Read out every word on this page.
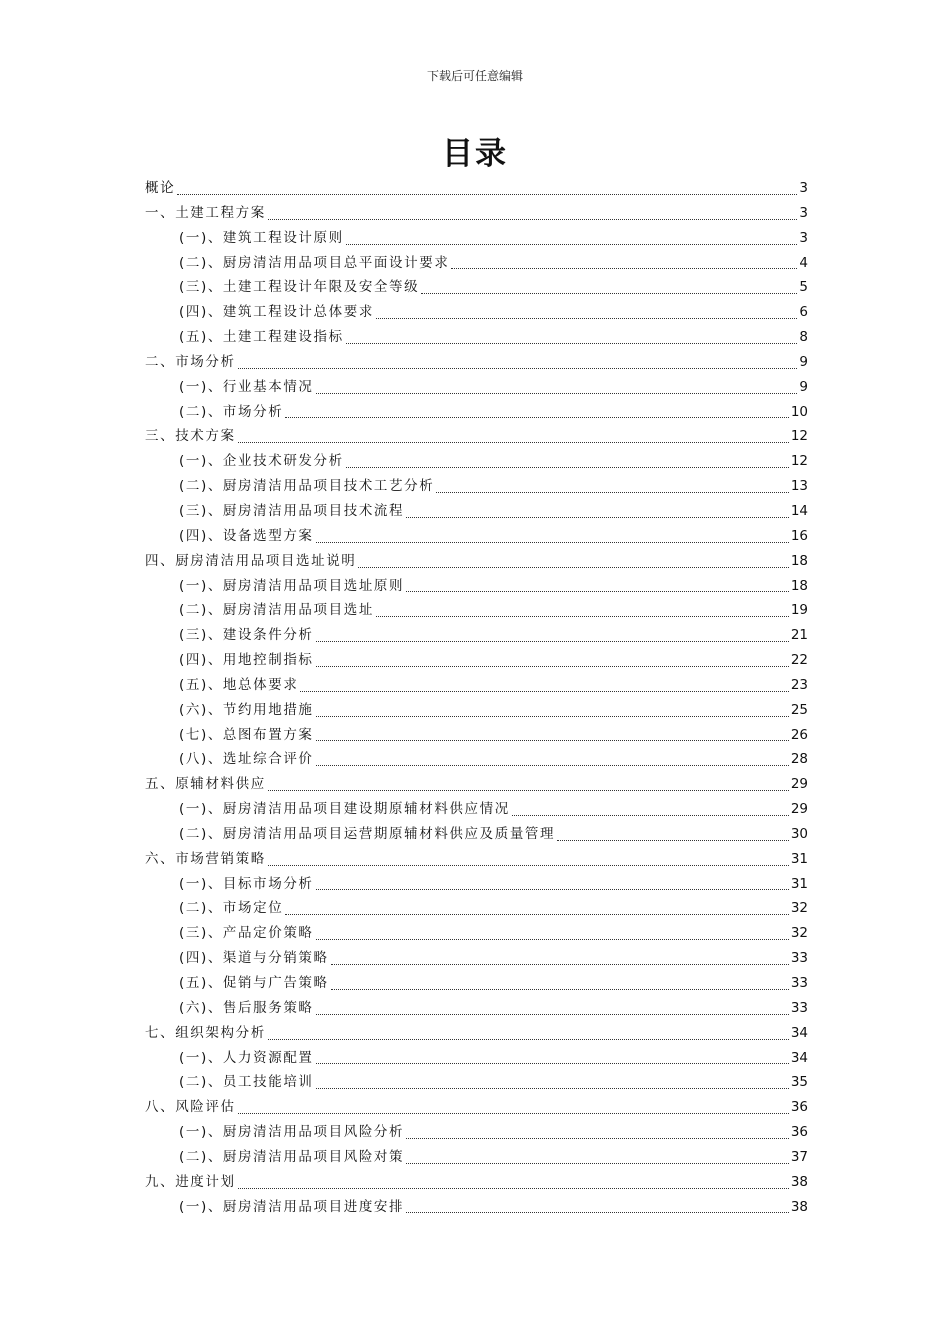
下载后可任意编辑
目录
概论	3
一、土建工程方案	3
(一)、建筑工程设计原则	3
(二)、厨房清洁用品项目总平面设计要求	4
(三)、土建工程设计年限及安全等级	5
(四)、建筑工程设计总体要求	6
(五)、土建工程建设指标	8
二、市场分析	9
(一)、行业基本情况	9
(二)、市场分析	10
三、技术方案	12
(一)、企业技术研发分析	12
(二)、厨房清洁用品项目技术工艺分析	13
(三)、厨房清洁用品项目技术流程	14
(四)、设备选型方案	16
四、厨房清洁用品项目选址说明	18
(一)、厨房清洁用品项目选址原则	18
(二)、厨房清洁用品项目选址	19
(三)、建设条件分析	21
(四)、用地控制指标	22
(五)、地总体要求	23
(六)、节约用地措施	25
(七)、总图布置方案	26
(八)、选址综合评价	28
五、原辅材料供应	29
(一)、厨房清洁用品项目建设期原辅材料供应情况	29
(二)、厨房清洁用品项目运营期原辅材料供应及质量管理	30
六、市场营销策略	31
(一)、目标市场分析	31
(二)、市场定位	32
(三)、产品定价策略	32
(四)、渠道与分销策略	33
(五)、促销与广告策略	33
(六)、售后服务策略	33
七、组织架构分析	34
(一)、人力资源配置	34
(二)、员工技能培训	35
八、风险评估	36
(一)、厨房清洁用品项目风险分析	36
(二)、厨房清洁用品项目风险对策	37
九、进度计划	38
(一)、厨房清洁用品项目进度安排	38
